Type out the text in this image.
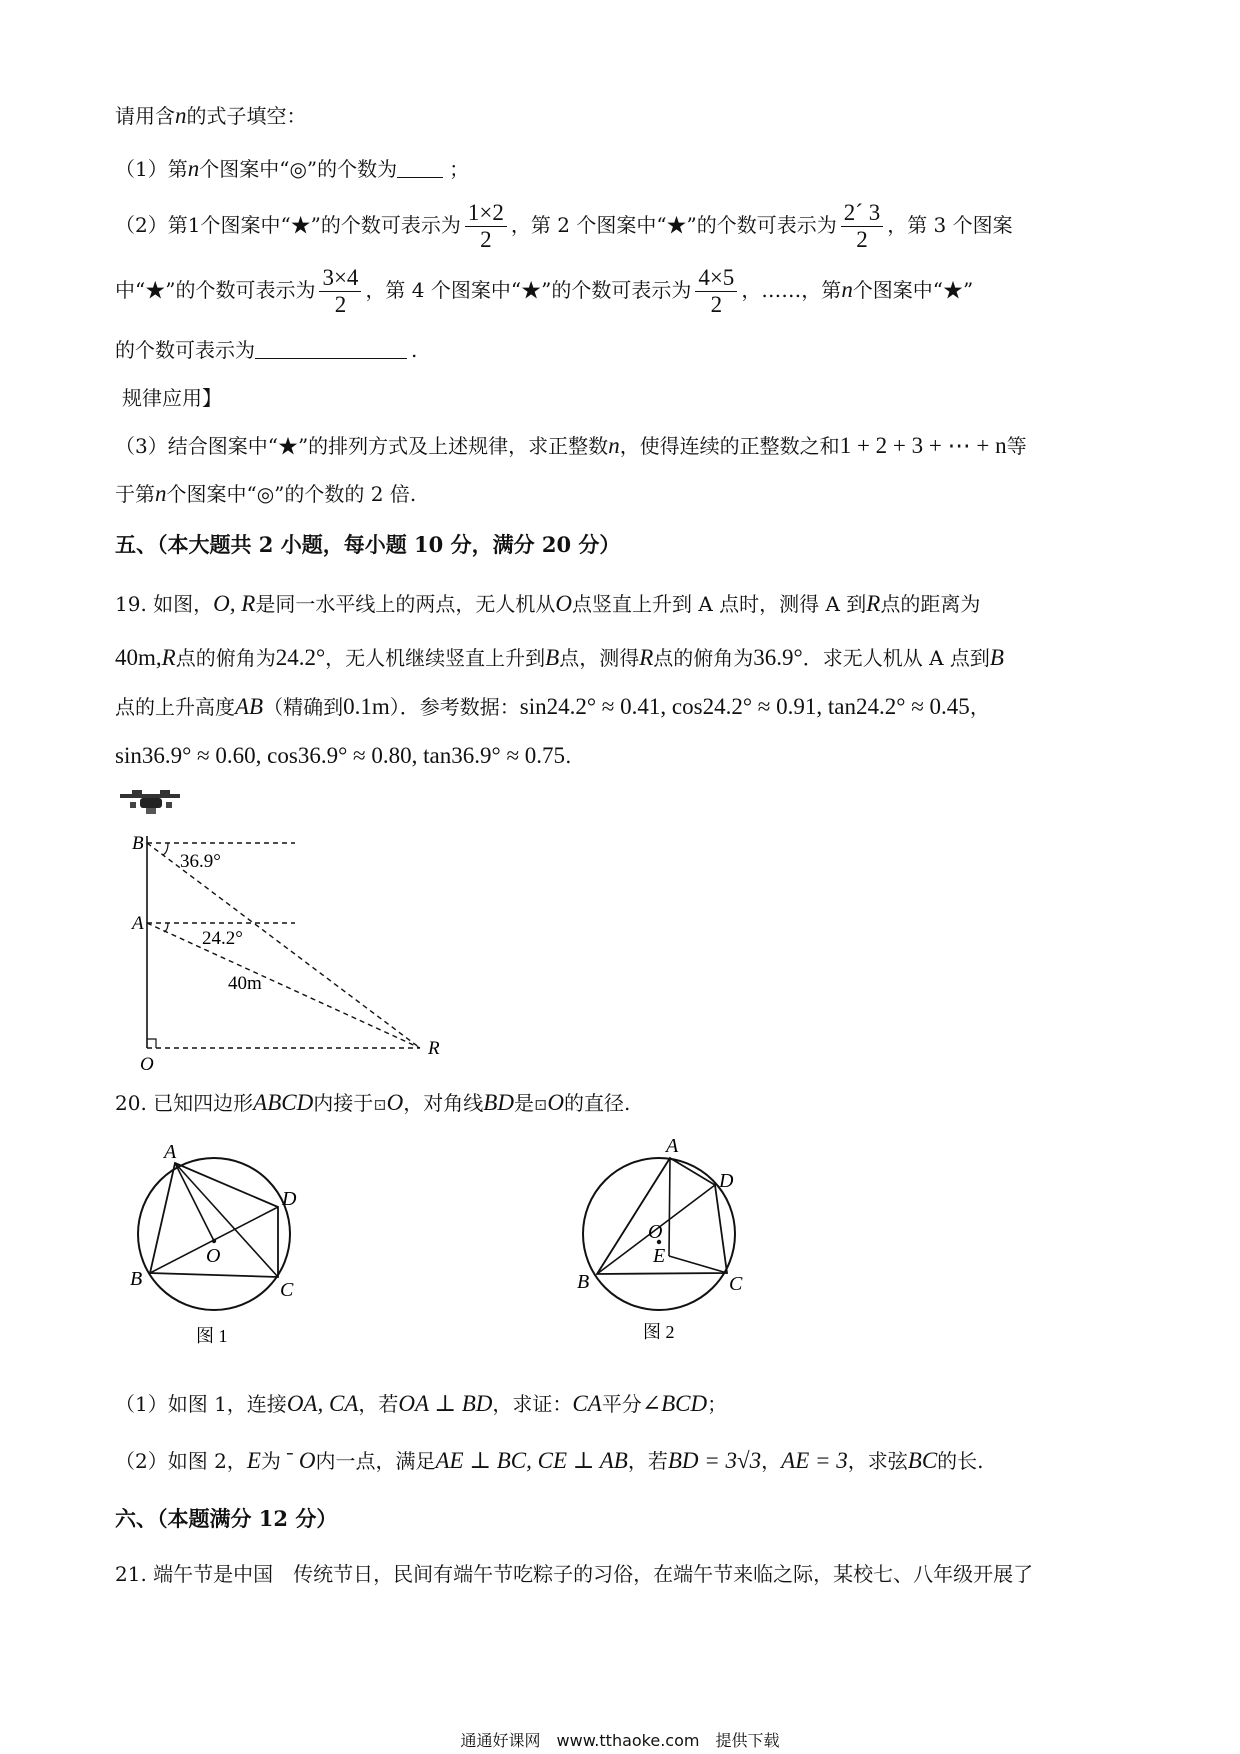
请用含n的式子填空：
（1）第n个图案中“◎”的个数为	；
（2）第1个图案中“★”的个数可表示为 $\frac{1\times 2}{2}$ ，第 2 个图案中“★”的个数可表示为 $\frac{2´ 3}{2}$ ，第 3 个图案
中“★”的个数可表示为 $\frac{3\times 4}{2}$ ，第 4 个图案中“★”的个数可表示为 $\frac{4\times 5}{2}$ ，……，第n个图案中“★”
的个数可表示为	.
规律应用】
（3）结合图案中“★”的排列方式及上述规律，求正整数n，使得连续的正整数之和1 + 2 + 3 + ⋯ + n等
于第n个图案中“◎”的个数的 2 倍.
五、（本大题共 2 小题，每小题 10 分，满分 20 分）
19. 如图，O, R是同一水平线上的两点，无人机从O点竖直上升到 A 点时，测得 A 到R点的距离为
40m,R点的俯角为24.2°，无人机继续竖直上升到B点，测得R点的俯角为36.9°．求无人机从 A 点到B
点的上升高度AB（精确到0.1m）．参考数据：sin24.2° ≈ 0.41, cos24.2° ≈ 0.91, tan24.2° ≈ 0.45，
sin36.9° ≈ 0.60, cos36.9° ≈ 0.80, tan36.9° ≈ 0.75.
B
A
O
R
36.9°
24.2°
40m
20. 已知四边形ABCD内接于⊡O，对角线BD是⊡O的直径.
A
D
O
B	C
图 1
A
D
O
E
B	C
图 2
（1）如图 1，连接OA, CA，若OA ⊥ BD，求证：CA平分∠BCD；
（2）如图 2，E为 ¯ O内一点，满足AE ⊥ BC, CE ⊥ AB，若BD = 3√3，AE = 3，求弦BC的长.
六、（本题满分 12 分）
21. 端午节是中国　传统节日，民间有端午节吃粽子的习俗，在端午节来临之际，某校七、八年级开展了
通通好课网　www.tthaoke.com　提供下载
